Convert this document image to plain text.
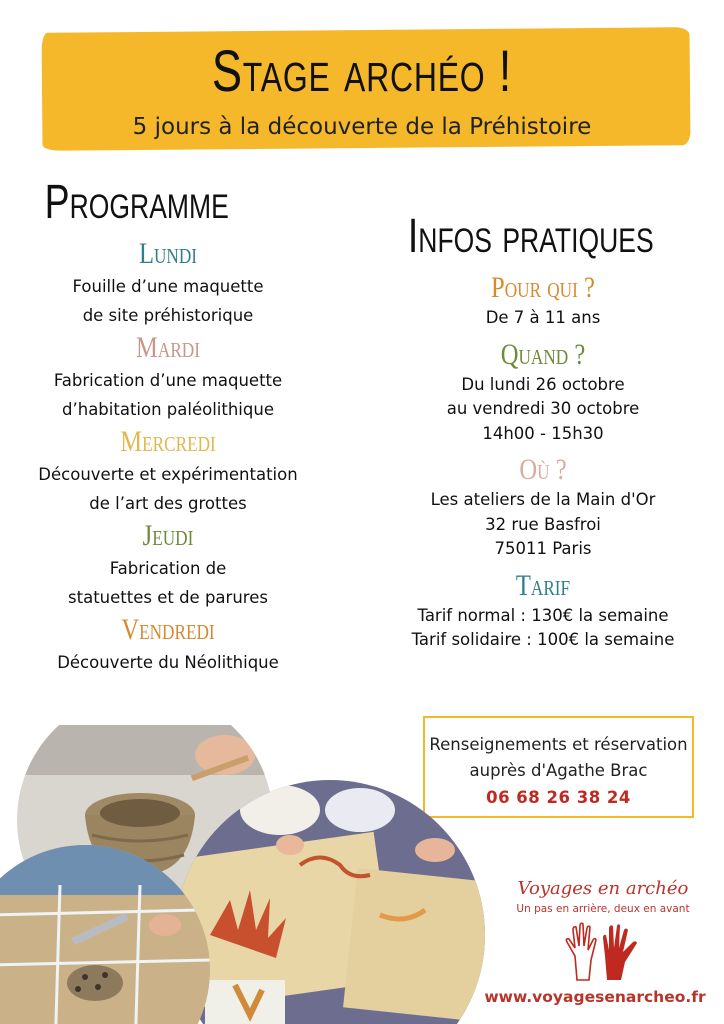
Stage archéo !
5 jours à la découverte de la Préhistoire
Programme
Lundi
Fouille d’une maquette
de site préhistorique
Mardi
Fabrication d’une maquette
d’habitation paléolithique
Mercredi
Découverte et expérimentation
de l’art des grottes
Jeudi
Fabrication de
statuettes et de parures
Vendredi
Découverte du Néolithique
Infos pratiques
Pour qui ?
De 7 à 11 ans
Quand ?
Du lundi 26 octobre
au vendredi 30 octobre
14h00 - 15h30
Où ?
Les ateliers de la Main d'Or
32 rue Basfroi
75011 Paris
Tarif
Tarif normal : 130€ la semaine
Tarif solidaire : 100€ la semaine
Renseignements et réservation
auprès d'Agathe Brac
06 68 26 38 24
Voyages en archéo
Un pas en arrière, deux en avant
www.voyagesenarcheo.fr
